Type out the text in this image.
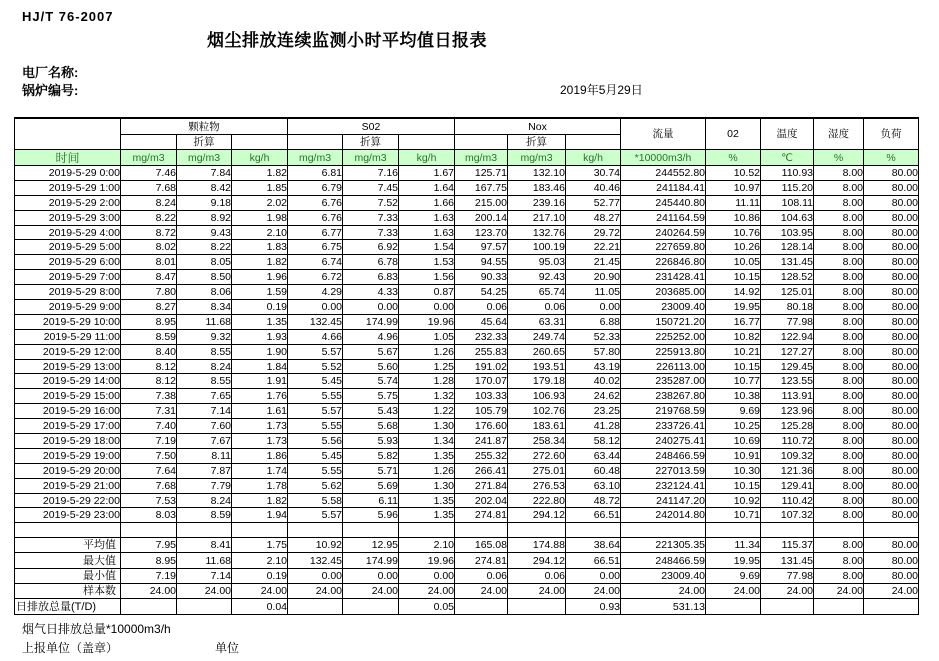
HJ/T 76-2007
烟尘排放连续监测小时平均值日报表
电厂名称:
锅炉编号:	2019年5月29日
	颗粒物			S02			Nox			流量	02	温度	湿度	负荷
		折算			折算			折算						
时间	mg/m3	mg/m3	kg/h	mg/m3	mg/m3	kg/h	mg/m3	mg/m3	kg/h	*10000m3/h	%	℃	%	%
2019-5-29 0:00	7.46	7.84	1.82	6.81	7.16	1.67	125.71	132.10	30.74	244552.80	10.52	110.93	8.00	80.00
2019-5-29 1:00	7.68	8.42	1.85	6.79	7.45	1.64	167.75	183.46	40.46	241184.41	10.97	115.20	8.00	80.00
2019-5-29 2:00	8.24	9.18	2.02	6.76	7.52	1.66	215.00	239.16	52.77	245440.80	11.11	108.11	8.00	80.00
2019-5-29 3:00	8.22	8.92	1.98	6.76	7.33	1.63	200.14	217.10	48.27	241164.59	10.86	104.63	8.00	80.00
2019-5-29 4:00	8.72	9.43	2.10	6.77	7.33	1.63	123.70	132.76	29.72	240264.59	10.76	103.95	8.00	80.00
2019-5-29 5:00	8.02	8.22	1.83	6.75	6.92	1.54	97.57	100.19	22.21	227659.80	10.26	128.14	8.00	80.00
2019-5-29 6:00	8.01	8.05	1.82	6.74	6.78	1.53	94.55	95.03	21.45	226846.80	10.05	131.45	8.00	80.00
2019-5-29 7:00	8.47	8.50	1.96	6.72	6.83	1.56	90.33	92.43	20.90	231428.41	10.15	128.52	8.00	80.00
2019-5-29 8:00	7.80	8.06	1.59	4.29	4.33	0.87	54.25	65.74	11.05	203685.00	14.92	125.01	8.00	80.00
2019-5-29 9:00	8.27	8.34	0.19	0.00	0.00	0.00	0.06	0.06	0.00	23009.40	19.95	80.18	8.00	80.00
2019-5-29 10:00	8.95	11.68	1.35	132.45	174.99	19.96	45.64	63.31	6.88	150721.20	16.77	77.98	8.00	80.00
2019-5-29 11:00	8.59	9.32	1.93	4.66	4.96	1.05	232.33	249.74	52.33	225252.00	10.82	122.94	8.00	80.00
2019-5-29 12:00	8.40	8.55	1.90	5.57	5.67	1.26	255.83	260.65	57.80	225913.80	10.21	127.27	8.00	80.00
2019-5-29 13:00	8.12	8.24	1.84	5.52	5.60	1.25	191.02	193.51	43.19	226113.00	10.15	129.45	8.00	80.00
2019-5-29 14:00	8.12	8.55	1.91	5.45	5.74	1.28	170.07	179.18	40.02	235287.00	10.77	123.55	8.00	80.00
2019-5-29 15:00	7.38	7.65	1.76	5.55	5.75	1.32	103.33	106.93	24.62	238267.80	10.38	113.91	8.00	80.00
2019-5-29 16:00	7.31	7.14	1.61	5.57	5.43	1.22	105.79	102.76	23.25	219768.59	9.69	123.96	8.00	80.00
2019-5-29 17:00	7.40	7.60	1.73	5.55	5.68	1.30	176.60	183.61	41.28	233726.41	10.25	125.28	8.00	80.00
2019-5-29 18:00	7.19	7.67	1.73	5.56	5.93	1.34	241.87	258.34	58.12	240275.41	10.69	110.72	8.00	80.00
2019-5-29 19:00	7.50	8.11	1.86	5.45	5.82	1.35	255.32	272.60	63.44	248466.59	10.91	109.32	8.00	80.00
2019-5-29 20:00	7.64	7.87	1.74	5.55	5.71	1.26	266.41	275.01	60.48	227013.59	10.30	121.36	8.00	80.00
2019-5-29 21:00	7.68	7.79	1.78	5.62	5.69	1.30	271.84	276.53	63.10	232124.41	10.15	129.41	8.00	80.00
2019-5-29 22:00	7.53	8.24	1.82	5.58	6.11	1.35	202.04	222.80	48.72	241147.20	10.92	110.42	8.00	80.00
2019-5-29 23:00	8.03	8.59	1.94	5.57	5.96	1.35	274.81	294.12	66.51	242014.80	10.71	107.32	8.00	80.00

平均值	7.95	8.41	1.75	10.92	12.95	2.10	165.08	174.88	38.64	221305.35	11.34	115.37	8.00	80.00
最大值	8.95	11.68	2.10	132.45	174.99	19.96	274.81	294.12	66.51	248466.59	19.95	131.45	8.00	80.00
最小值	7.19	7.14	0.19	0.00	0.00	0.00	0.06	0.06	0.00	23009.40	9.69	77.98	8.00	80.00
样本数	24.00	24.00	24.00	24.00	24.00	24.00	24.00	24.00	24.00	24.00	24.00	24.00	24.00	24.00
日排放总量(T/D)			0.04			0.05			0.93	531.13				
烟气日排放总量*10000m3/h
上报单位（盖章）	单位
